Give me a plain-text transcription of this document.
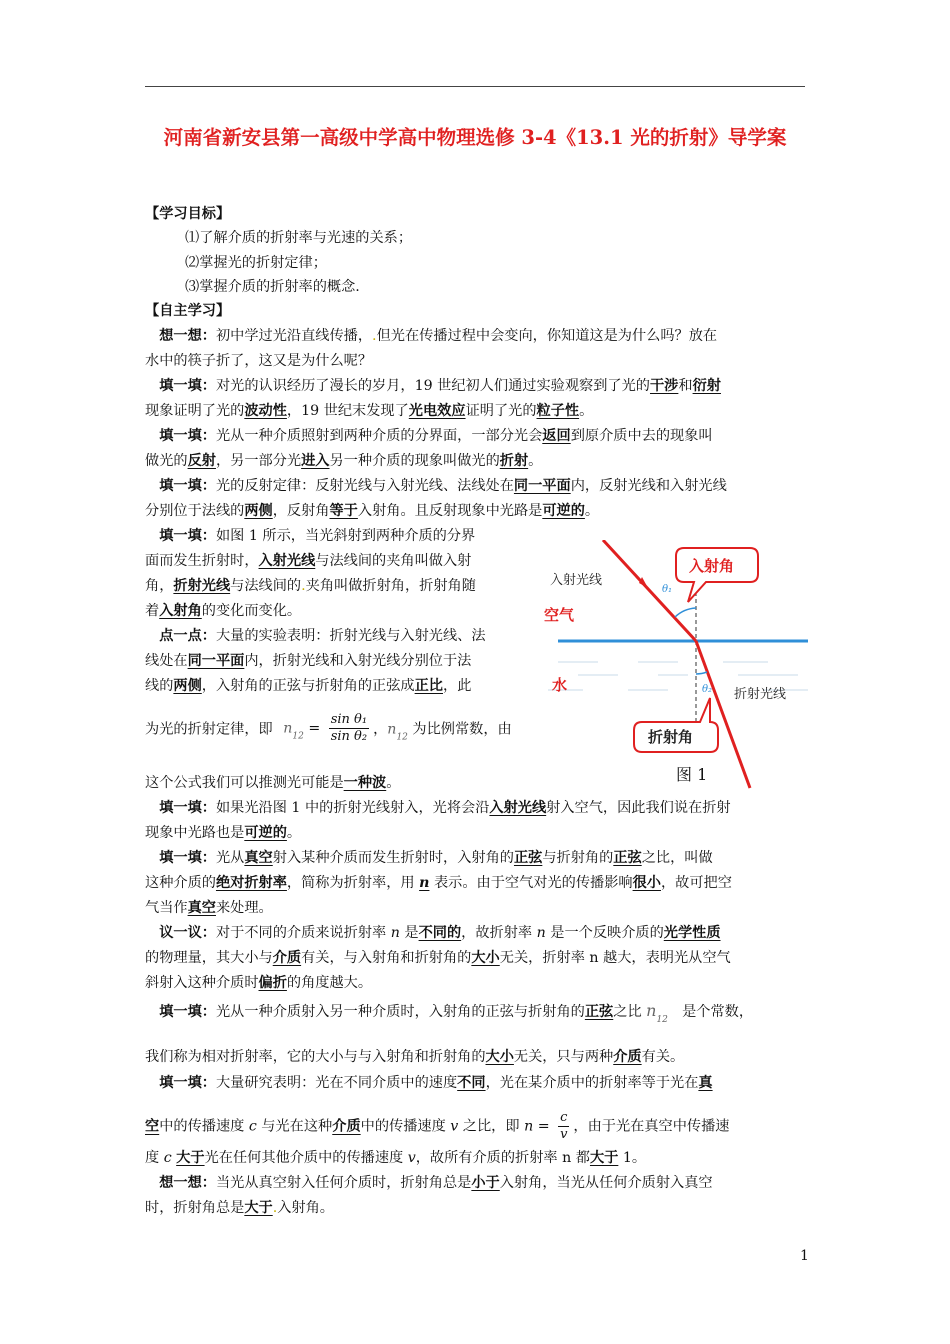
河南省新安县第一高级中学高中物理选修 3-4《13.1 光的折射》导学案
【学习目标】
⑴了解介质的折射率与光速的关系；
⑵掌握光的折射定律；
⑶掌握介质的折射率的概念.
【自主学习】
　想一想：初中学过光沿直线传播，.但光在传播过程中会变向，你知道这是为什么吗？放在
水中的筷子折了，这又是为什么呢？
　填一填：对光的认识经历了漫长的岁月，19 世纪初人们通过实验观察到了光的干涉和衍射
现象证明了光的波动性，19 世纪末发现了光电效应证明了光的粒子性。
　填一填：光从一种介质照射到两种介质的分界面，一部分光会返回到原介质中去的现象叫
做光的反射，另一部分光进入另一种介质的现象叫做光的折射。
　填一填：光的反射定律：反射光线与入射光线、法线处在同一平面内，反射光线和入射光线
分别位于法线的两侧，反射角等于入射角。且反射现象中光路是可逆的。
　填一填：如图 1 所示，当光斜射到两种介质的分界
面而发生折射时，入射光线与法线间的夹角叫做入射
角，折射光线与法线间的.夹角叫做折射角，折射角随
着入射角的变化而变化。
　点一点：大量的实验表明：折射光线与入射光线、法
线处在同一平面内，折射光线和入射光线分别位于法
线的两侧，入射角的正弦与折射角的正弦成正比，此
为光的折射定律，即 $n_{12} = \frac{\text{sin θ₁}}{\text{sin θ₂}}$ ，$n_{12}$ 为比例常数，由
入射光线
θ₁
θ₂
空气
水
折射光线
入射角
折射角
图 1
这个公式我们可以推测光可能是一种波。
　填一填：如果光沿图 1 中的折射光线射入，光将会沿入射光线射入空气，因此我们说在折射
现象中光路也是可逆的。
　填一填：光从真空射入某种介质而发生折射时，入射角的正弦与折射角的正弦之比，叫做
这种介质的绝对折射率，简称为折射率，用 n 表示。由于空气对光的传播影响很小，故可把空
气当作真空来处理。
　议一议：对于不同的介质来说折射率 n 是不同的，故折射率 n 是一个反映介质的光学性质
的物理量，其大小与介质有关，与入射角和折射角的大小无关，折射率 n 越大，表明光从空气
斜射入这种介质时偏折的角度越大。
　填一填：光从一种介质射入另一种介质时，入射角的正弦与折射角的正弦之比 $n_{12}$　是个常数，
我们称为相对折射率，它的大小与与入射角和折射角的大小无关，只与两种介质有关。
　填一填：大量研究表明：光在不同介质中的速度不同，光在某介质中的折射率等于光在真
空中的传播速度 c 与光在这种介质中的传播速度 v 之比，即 $n = \frac{c}{v}$ ，由于光在真空中传播速
度 c 大于光在任何其他介质中的传播速度 v，故所有介质的折射率 n 都大于 1。
　想一想：当光从真空射入任何介质时，折射角总是小于入射角，当光从任何介质射入真空
时，折射角总是大于.入射角。
1
